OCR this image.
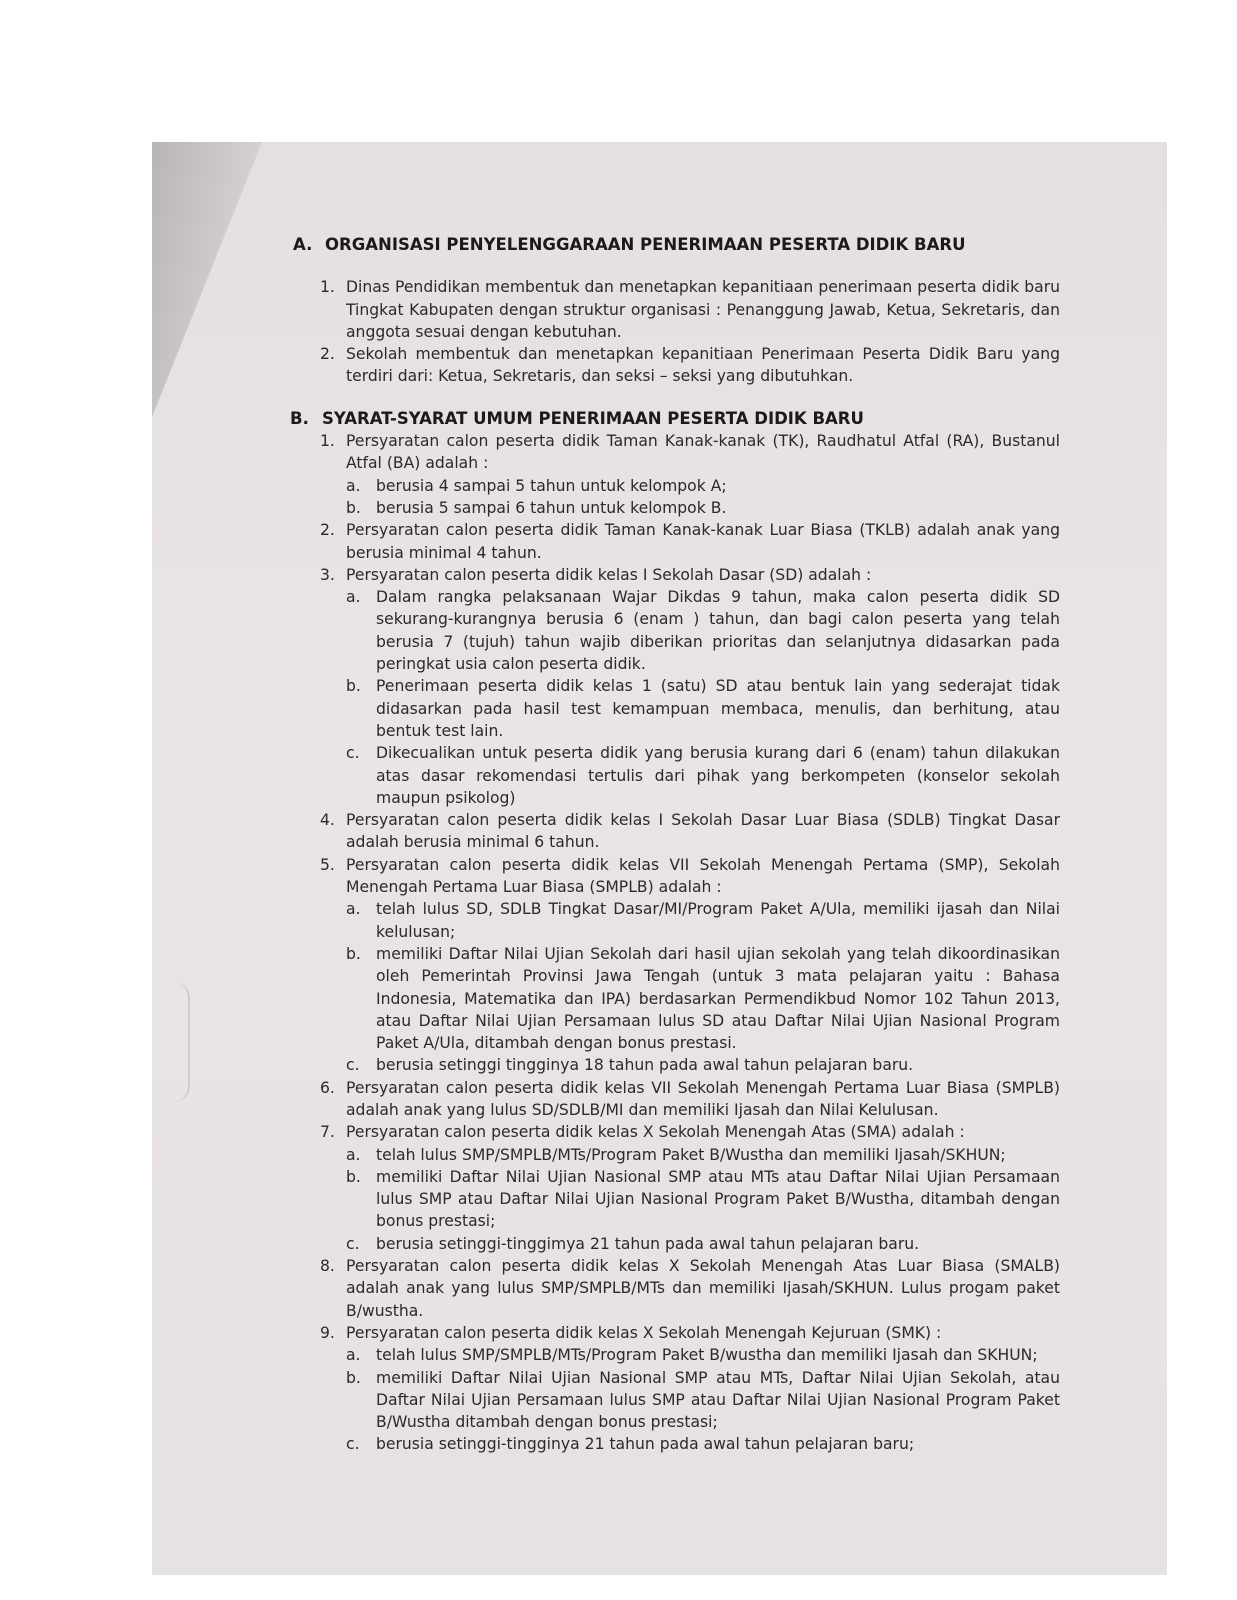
A. ORGANISASI PENYELENGGARAAN PENERIMAAN PESERTA DIDIK BARU
1. Dinas Pendidikan membentuk dan menetapkan kepanitiaan penerimaan peserta didik baru Tingkat Kabupaten dengan struktur organisasi : Penanggung Jawab, Ketua, Sekretaris, dan anggota sesuai dengan kebutuhan.
2. Sekolah membentuk dan menetapkan kepanitiaan Penerimaan Peserta Didik Baru yang terdiri dari: Ketua, Sekretaris, dan seksi – seksi yang dibutuhkan.
B. SYARAT-SYARAT UMUM PENERIMAAN PESERTA DIDIK BARU
1. Persyaratan calon peserta didik Taman Kanak-kanak (TK), Raudhatul Atfal (RA), Bustanul Atfal (BA) adalah :
a. berusia 4 sampai 5 tahun untuk kelompok A;
b. berusia 5 sampai 6 tahun untuk kelompok B.
2. Persyaratan calon peserta didik Taman Kanak-kanak Luar Biasa (TKLB) adalah anak yang berusia minimal 4 tahun.
3. Persyaratan calon peserta didik kelas I Sekolah Dasar (SD) adalah :
a. Dalam rangka pelaksanaan Wajar Dikdas 9 tahun, maka calon peserta didik SD sekurang-kurangnya berusia 6 (enam ) tahun, dan bagi calon peserta yang telah berusia 7 (tujuh) tahun wajib diberikan prioritas dan selanjutnya didasarkan pada peringkat usia calon peserta didik.
b. Penerimaan peserta didik kelas 1 (satu) SD atau bentuk lain yang sederajat tidak didasarkan pada hasil test kemampuan membaca, menulis, dan berhitung, atau bentuk test lain.
c.	Dikecualikan untuk peserta didik yang berusia kurang dari 6 (enam) tahun dilakukan atas dasar rekomendasi tertulis dari pihak yang berkompeten (konselor sekolah maupun psikolog)
4. Persyaratan calon peserta didik kelas I Sekolah Dasar Luar Biasa (SDLB) Tingkat Dasar adalah berusia minimal 6 tahun.
5. Persyaratan calon peserta didik kelas VII Sekolah Menengah Pertama (SMP), Sekolah Menengah Pertama Luar Biasa (SMPLB) adalah :
a. telah lulus SD, SDLB Tingkat Dasar/MI/Program Paket A/Ula, memiliki ijasah dan Nilai kelulusan;
b. memiliki Daftar Nilai Ujian Sekolah dari hasil ujian sekolah yang telah dikoordinasikan oleh Pemerintah Provinsi Jawa Tengah (untuk 3 mata pelajaran yaitu : Bahasa Indonesia, Matematika dan IPA) berdasarkan Permendikbud Nomor 102 Tahun 2013, atau Daftar Nilai Ujian Persamaan lulus SD atau Daftar Nilai Ujian Nasional Program Paket A/Ula, ditambah dengan bonus prestasi.
c.	berusia setinggi tingginya 18 tahun pada awal tahun pelajaran baru.
6. Persyaratan calon peserta didik kelas VII Sekolah Menengah Pertama Luar Biasa (SMPLB) adalah anak yang lulus SD/SDLB/MI dan memiliki Ijasah dan Nilai Kelulusan.
7. Persyaratan calon peserta didik kelas X Sekolah Menengah Atas (SMA) adalah :
a. telah lulus SMP/SMPLB/MTs/Program Paket B/Wustha dan memiliki Ijasah/SKHUN;
b. memiliki Daftar Nilai Ujian Nasional SMP atau MTs atau Daftar Nilai Ujian Persamaan lulus SMP atau Daftar Nilai Ujian Nasional Program Paket B/Wustha, ditambah dengan bonus prestasi;
c.	berusia setinggi-tinggimya 21 tahun pada awal tahun pelajaran baru.
8. Persyaratan calon peserta didik kelas X Sekolah Menengah Atas Luar Biasa (SMALB) adalah anak yang lulus SMP/SMPLB/MTs dan memiliki Ijasah/SKHUN. Lulus progam paket B/wustha.
9. Persyaratan calon peserta didik kelas X Sekolah Menengah Kejuruan (SMK) :
a. telah lulus SMP/SMPLB/MTs/Program Paket B/wustha dan memiliki Ijasah dan SKHUN;
b. memiliki Daftar Nilai Ujian Nasional SMP atau MTs, Daftar Nilai Ujian Sekolah, atau Daftar Nilai Ujian Persamaan lulus SMP atau Daftar Nilai Ujian Nasional Program Paket B/Wustha ditambah dengan bonus prestasi;
c.	berusia setinggi-tingginya 21 tahun pada awal tahun pelajaran baru;
